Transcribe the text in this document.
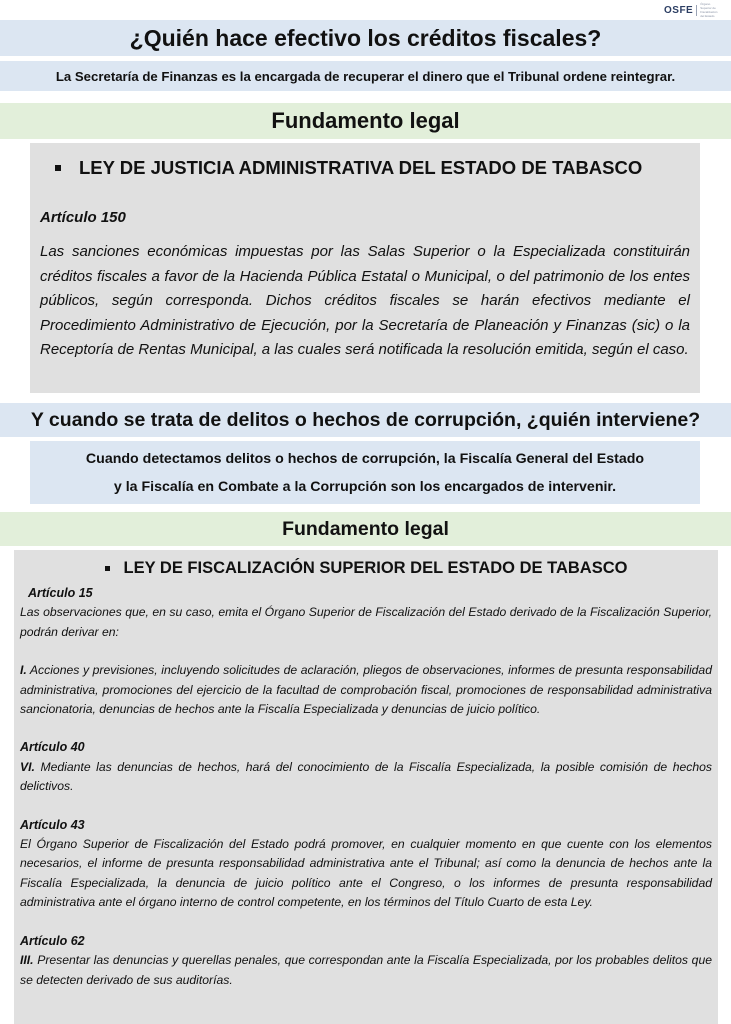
OSFE
Órgano Superior de Fiscalización del Estado
¿Quién hace efectivo los créditos fiscales?
La Secretaría de Finanzas es la encargada de recuperar el dinero que el Tribunal ordene reintegrar.
Fundamento legal
LEY DE JUSTICIA ADMINISTRATIVA DEL ESTADO DE TABASCO
Artículo 150
Las sanciones económicas impuestas por las Salas Superior o la Especializada constituirán créditos fiscales a favor de la Hacienda Pública Estatal o Municipal, o del patrimonio de los entes públicos, según corresponda. Dichos créditos fiscales se harán efectivos mediante el Procedimiento Administrativo de Ejecución, por la Secretaría de Planeación y Finanzas (sic) o la Receptoría de Rentas Municipal, a las cuales será notificada la resolución emitida, según el caso.
Y cuando se trata de delitos o hechos de corrupción, ¿quién interviene?
Cuando detectamos delitos o hechos de corrupción, la Fiscalía General del Estado
y la Fiscalía en Combate a la Corrupción son los encargados de intervenir.
Fundamento legal
LEY DE FISCALIZACIÓN SUPERIOR DEL ESTADO DE TABASCO
Artículo 15
Las observaciones que, en su caso, emita el Órgano Superior de Fiscalización del Estado derivado de la Fiscalización Superior, podrán derivar en:
I. Acciones y previsiones, incluyendo solicitudes de aclaración, pliegos de observaciones, informes de presunta responsabilidad administrativa, promociones del ejercicio de la facultad de comprobación fiscal, promociones de responsabilidad administrativa sancionatoria, denuncias de hechos ante la Fiscalía Especializada y denuncias de juicio político.
Artículo 40
VI. Mediante las denuncias de hechos, hará del conocimiento de la Fiscalía Especializada, la posible comisión de hechos delictivos.
Artículo 43
El Órgano Superior de Fiscalización del Estado podrá promover, en cualquier momento en que cuente con los elementos necesarios, el informe de presunta responsabilidad administrativa ante el Tribunal; así como la denuncia de hechos ante la Fiscalía Especializada, la denuncia de juicio político ante el Congreso, o los informes de presunta responsabilidad administrativa ante el órgano interno de control competente, en los términos del Título Cuarto de esta Ley.
Artículo 62
III. Presentar las denuncias y querellas penales, que correspondan ante la Fiscalía Especializada, por los probables delitos que se detecten derivado de sus auditorías.
